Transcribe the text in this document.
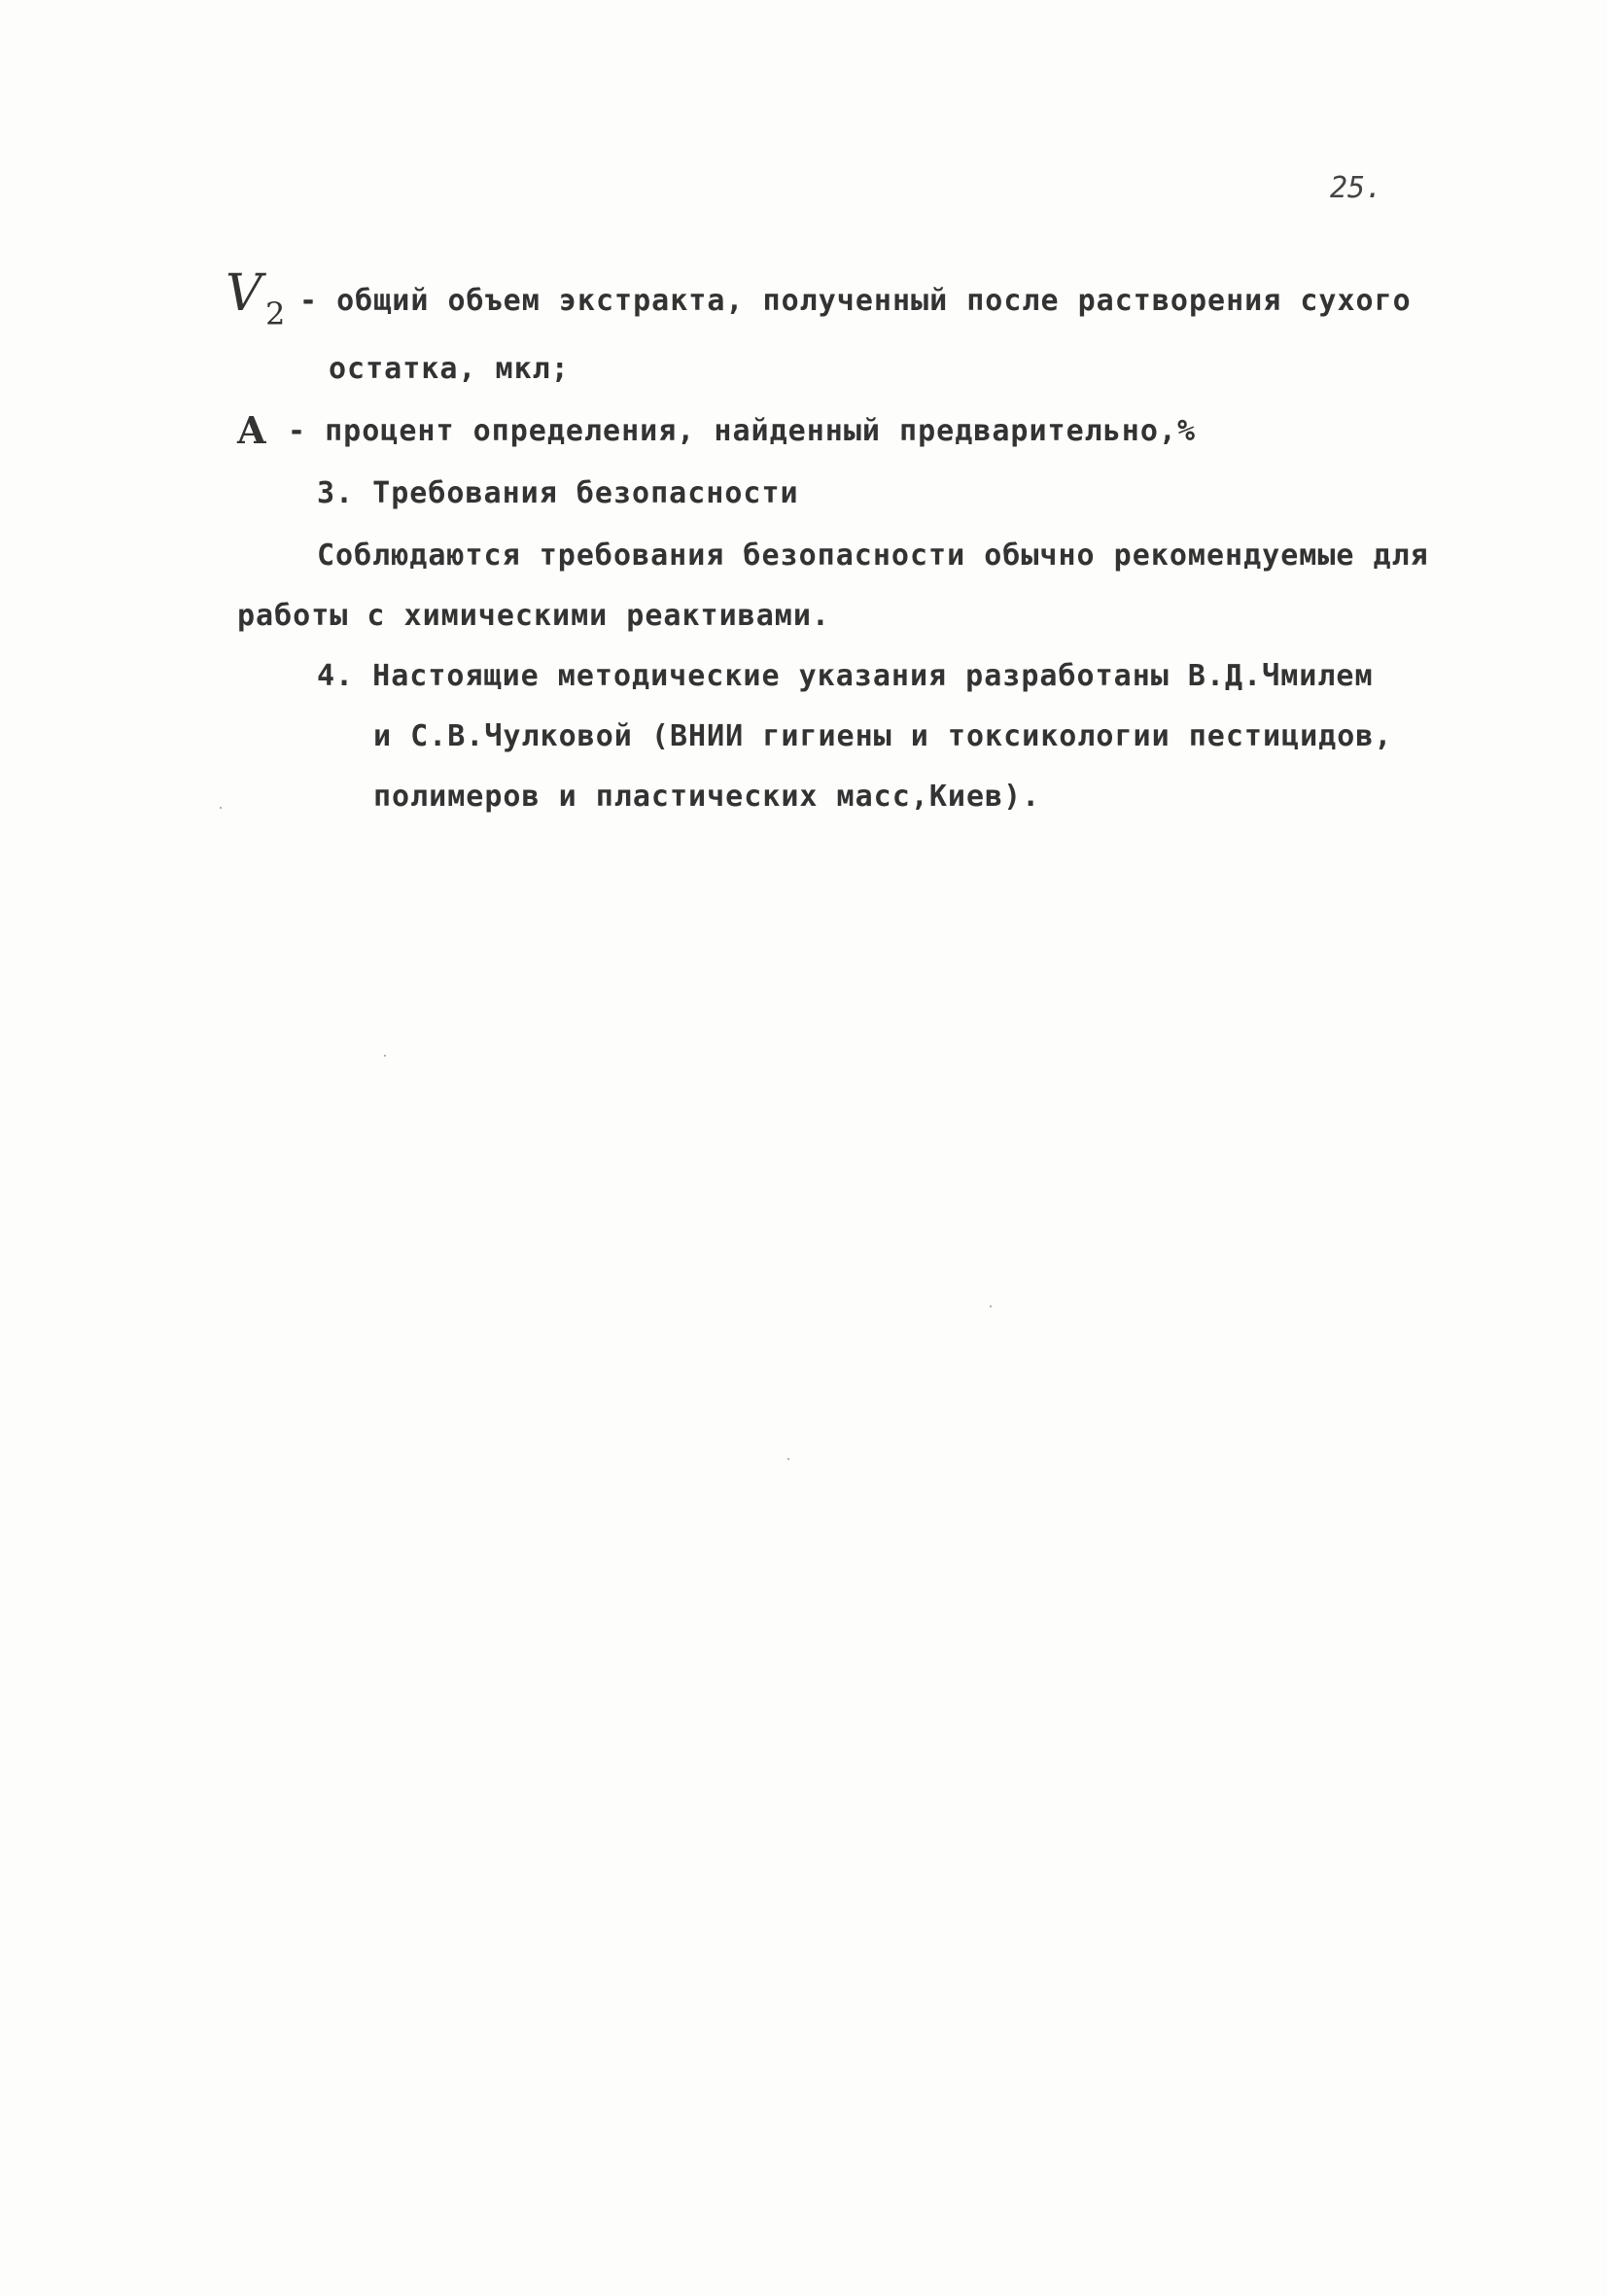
25.
V 2 - общий объем экстракта, полученный после растворения сухого
остатка, мкл;
A - процент определения, найденный предварительно,%
3. Требования безопасности
Соблюдаются требования безопасности обычно рекомендуемые для
работы с химическими реактивами.
4. Настоящие методические указания разработаны В.Д.Чмилем
и С.В.Чулковой (ВНИИ гигиены и токсикологии пестицидов,
полимеров и пластических масс,Киев).
